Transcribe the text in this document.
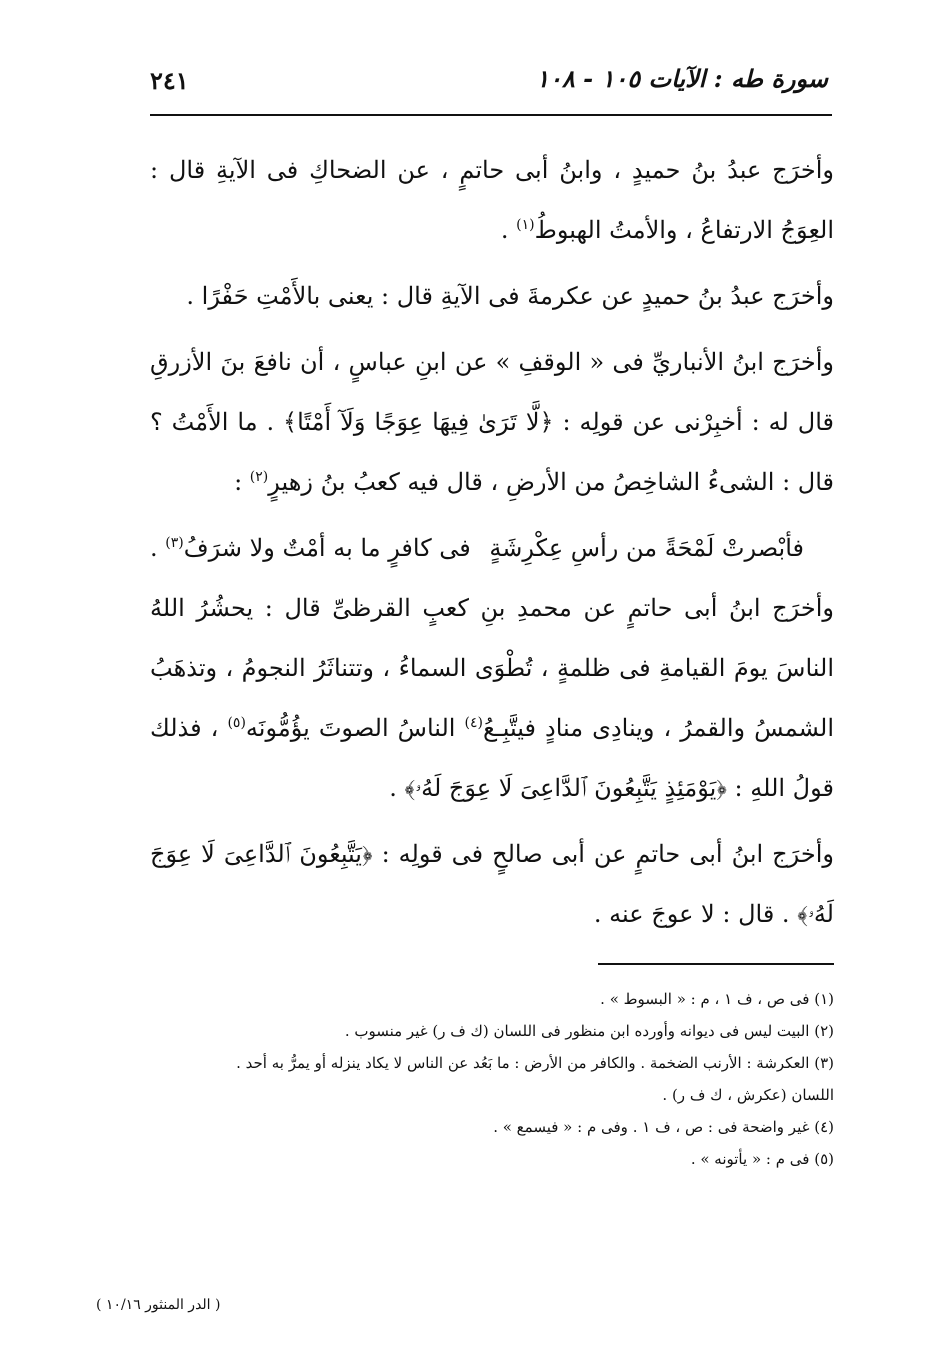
سورة طه : الآيات ١٠٥ - ١٠٨
٢٤١

وأخرَج عبدُ بنُ حميدٍ ، وابنُ أبى حاتمٍ ، عن الضحاكِ فى الآيةِ قال : العِوَجُ الارتفاعُ ، والأمتُ الهبوطُ$^{(١)}$ .

وأخرَج عبدُ بنُ حميدٍ عن عكرمةَ فى الآيةِ قال : يعنى بالأَمْتِ حَفْرًا .

وأخرَج ابنُ الأنباريِّ فى « الوقفِ » عن ابنِ عباسٍ ، أن نافعَ بنَ الأزرقِ قال له : أخبِرْنى عن قولِه : ﴿لَّا تَرَىٰ فِيهَا عِوَجًا وَلَآ أَمْتًا﴾ . ما الأَمْتُ ؟ قال : الشىءُ الشاخِصُ من الأرضِ ، قال فيه كعبُ بنُ زهيرٍ$^{(٢)}$ :

فأبْصرتْ لَمْحَةً من رأسِ عِكْرِشَةٍ
فى كافرٍ ما به أمْتٌ ولا شرَفُ$^{(٣)}$ .

وأخرَج ابنُ أبى حاتمٍ عن محمدِ بنِ كعبٍ القرظىِّ قال : يحشُرُ اللهُ الناسَ يومَ القيامةِ فى ظلمةٍ ، تُطْوَى السماءُ ، وتتناثَرُ النجومُ ، وتذهَبُ الشمسُ والقمرُ ، وينادِى منادٍ فيتَّبِـعُ$^{(٤)}$ الناسُ الصوتَ يؤُمُّونَه$^{(٥)}$ ، فذلك قولُ اللهِ : ﴿يَوْمَئِذٍ يَتَّبِعُونَ ٱلدَّاعِىَ لَا عِوَجَ لَهُۥ﴾ .

وأخرَج ابنُ أبى حاتمٍ عن أبى صالحٍ فى قولِه : ﴿يَتَّبِعُونَ ٱلدَّاعِىَ لَا عِوَجَ لَهُۥ﴾ . قال : لا عوجَ عنه .

(١) فى ص ، ف ١ ، م : « البسوط » .

(٢) البيت ليس فى ديوانه وأورده ابن منظور فى اللسان (ك ف ر) غير منسوب .

(٣) العكرشة : الأرنب الضخمة . والكافر من الأرض : ما بَعُد عن الناس لا يكاد ينزله أو يمرُّ به أحد .

اللسان (عكرش ، ك ف ر) .

(٤) غير واضحة فى : ص ، ف ١ . وفى م : « فيسمع » .

(٥) فى م : « يأتونه » .

( الدر المنثور ١٠/١٦ )
